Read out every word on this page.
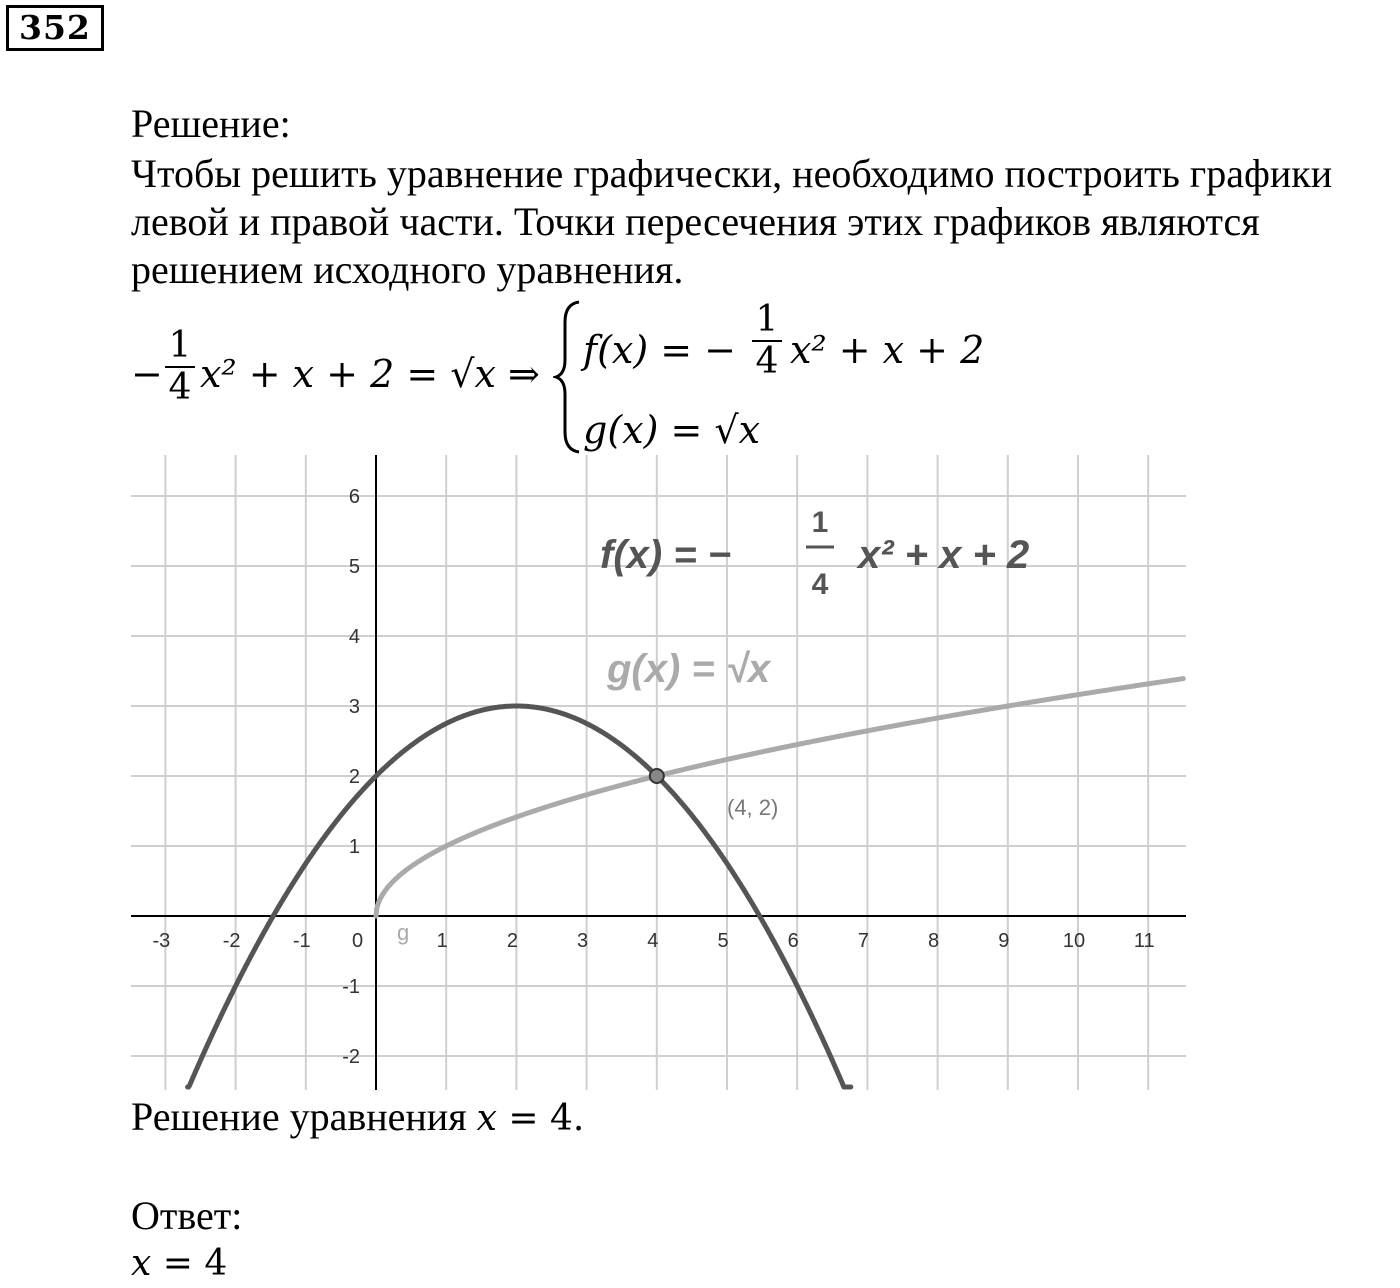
352
Решение:
Чтобы решить уравнение графически, необходимо построить графики
левой и правой части. Точки пересечения этих графиков являются
решением исходного уравнения.
− $\frac{1}{4} x^2 + x + 2 = √x$ ⇒
f(x) = − $\frac{1}{4} x^2 + x + 2$
g(x) = √x
-3	-2	-1 0	1	2	3	4	5	6	7	8	9	10 11
-2
-1
1
2
3
4
5
6
f(x) = −
1
4
x² + x + 2
g(x) = √x
g
(4, 2)
Решение уравнения x = 4.
Ответ:
x = 4
